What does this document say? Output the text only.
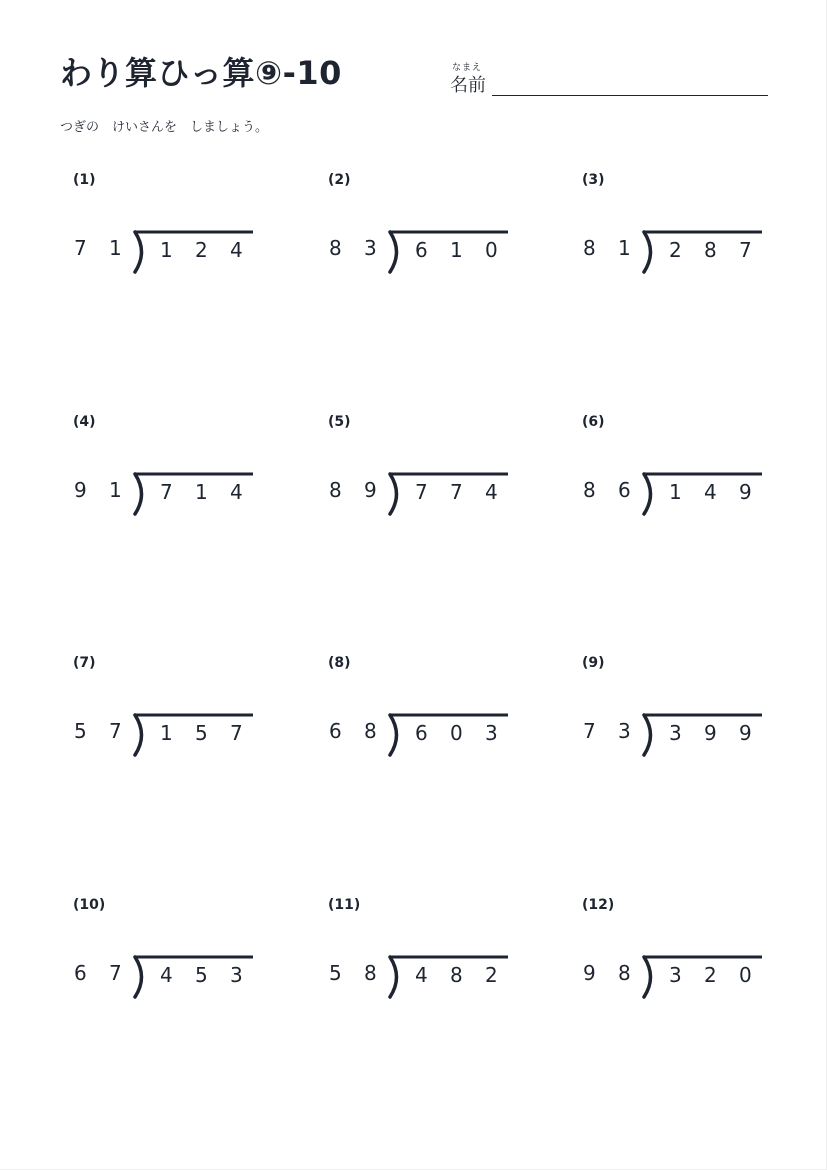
わり算ひっ算⑨-10	なまえ
名前
つぎの　けいさんを　しましょう。
(1)
7 1	1 2 4
(2)
8 3	6 1 0
(3)
8 1	2 8 7
(4)
9 1	7 1 4
(5)
8 9	7 7 4
(6)
8 6	1 4 9
(7)
5 7	1 5 7
(8)
6 8	6 0 3
(9)
7 3	3 9 9
(10)
6 7	4 5 3
(11)
5 8	4 8 2
(12)
9 8	3 2 0
